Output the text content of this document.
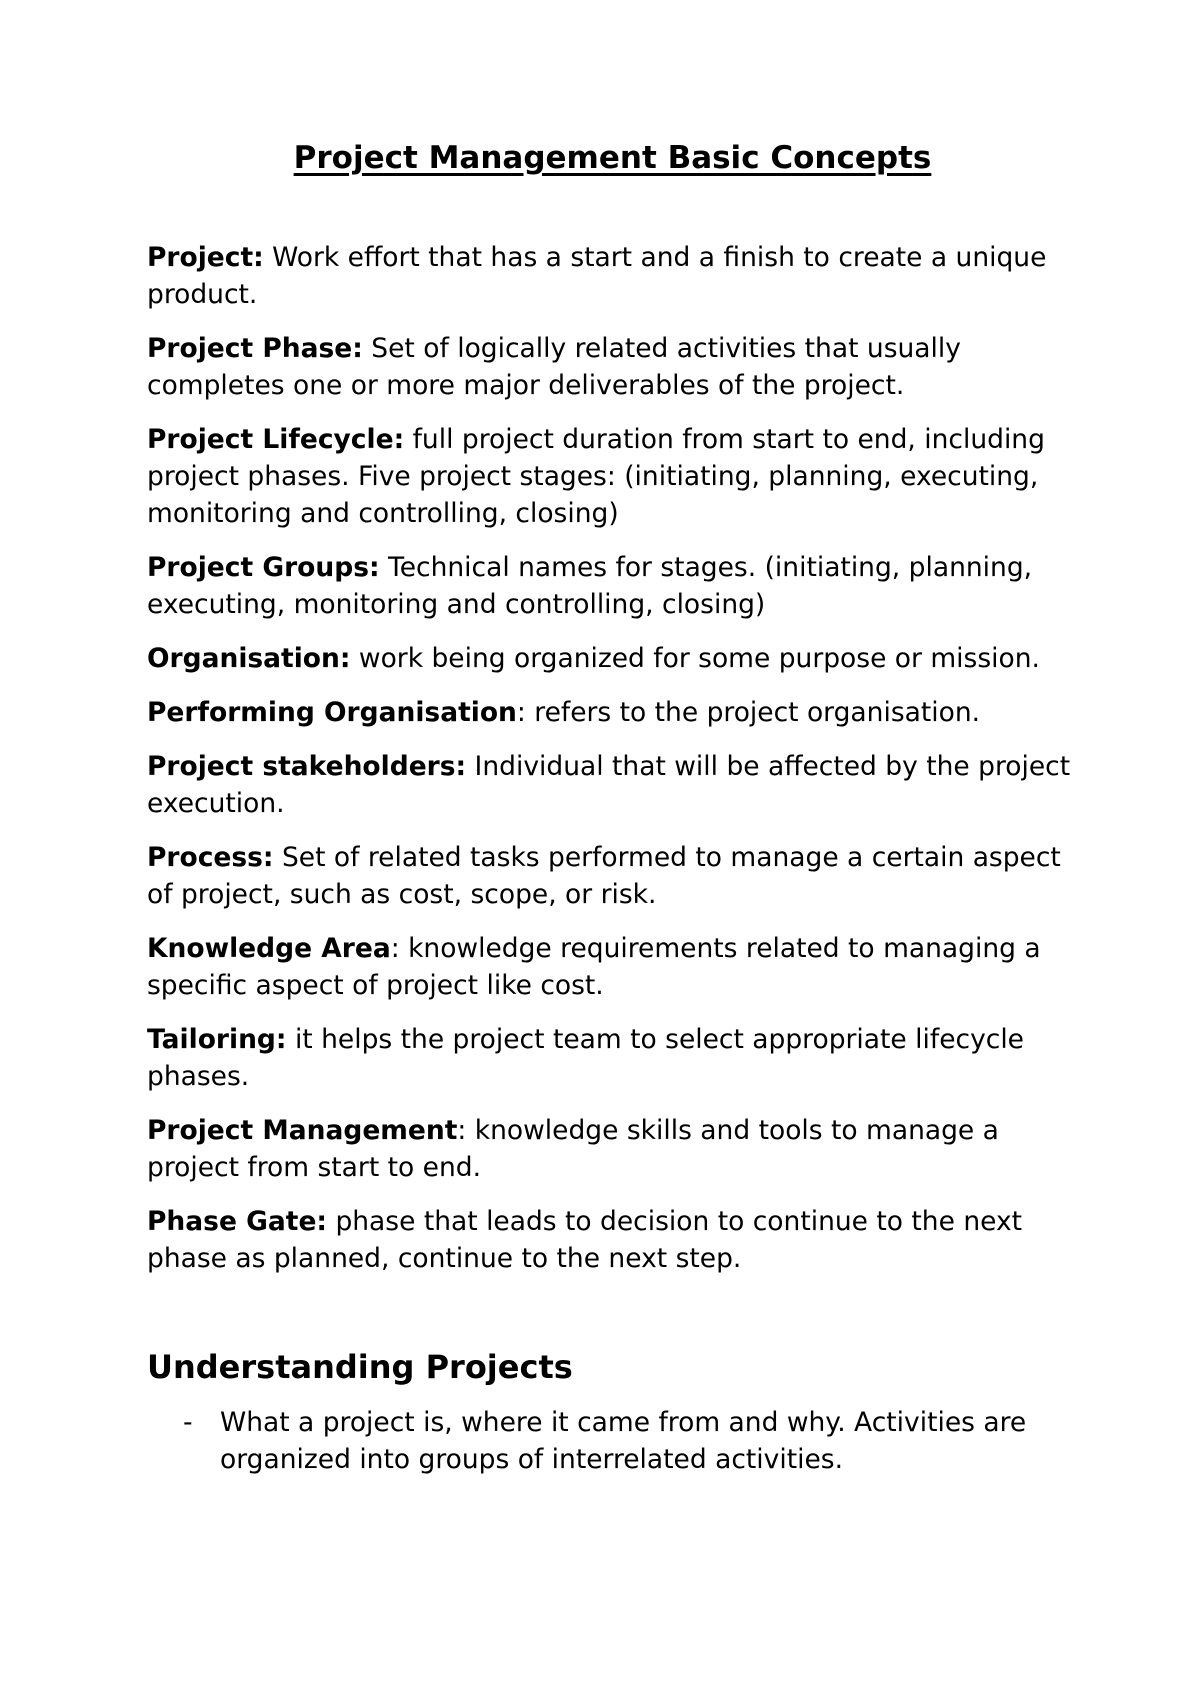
Project Management Basic Concepts

Project: Work effort that has a start and a finish to create a unique product.

Project Phase: Set of logically related activities that usually completes one or more major deliverables of the project.

Project Lifecycle: full project duration from start to end, including project phases. Five project stages: (initiating, planning, executing, monitoring and controlling, closing)

Project Groups: Technical names for stages. (initiating, planning, executing, monitoring and controlling, closing)

Organisation: work being organized for some purpose or mission.

Performing Organisation: refers to the project organisation.

Project stakeholders: Individual that will be affected by the project execution.

Process: Set of related tasks performed to manage a certain aspect of project, such as cost, scope, or risk.

Knowledge Area: knowledge requirements related to managing a specific aspect of project like cost.

Tailoring: it helps the project team to select appropriate lifecycle phases.

Project Management: knowledge skills and tools to manage a project from start to end.

Phase Gate: phase that leads to decision to continue to the next phase as planned, continue to the next step.

Understanding Projects
- What a project is, where it came from and why. Activities are organized into groups of interrelated activities.
